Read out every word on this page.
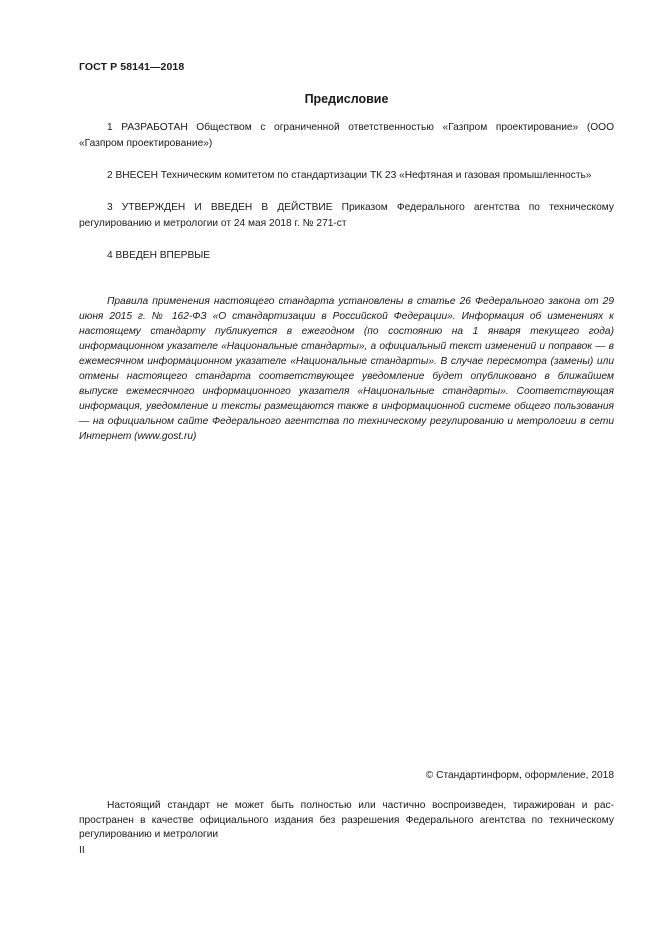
ГОСТ Р 58141—2018
Предисловие

1 РАЗРАБОТАН Обществом с ограниченной ответственностью «Газпром проектирование» (ООО «Газпром проектирование»)

2 ВНЕСЕН Техническим комитетом по стандартизации ТК 23 «Нефтяная и газовая промышленность»

3 УТВЕРЖДЕН И ВВЕДЕН В ДЕЙСТВИЕ Приказом Федерального агентства по техническому регулированию и метрологии от 24 мая 2018 г. № 271-ст

4 ВВЕДЕН ВПЕРВЫЕ

Правила применения настоящего стандарта установлены в статье 26 Федерального закона от 29 июня 2015 г. № 162-ФЗ «О стандартизации в Российской Федерации». Информация об изменениях к настоящему стандарту публикуется в ежегодном (по состоянию на 1 января текущего года) информационном указателе «Национальные стандарты», а официальный текст изменений и поправок — в ежемесячном информационном указателе «Национальные стандарты». В случае пересмотра (замены) или отмены настоящего стандарта соответствующее уведомление будет опубликовано в ближайшем выпуске ежемесячного информационного указателя «Национальные стандарты». Соответствующая информация, уведомление и тексты размещаются также в информационной системе общего пользования — на официальном сайте Федерального агентства по техническому регулированию и метрологии в сети Интернет (www.gost.ru)

© Стандартинформ, оформление, 2018

Настоящий стандарт не может быть полностью или частично воспроизведен, тиражирован и распространен в качестве официального издания без разрешения Федерального агентства по техническому регулированию и метрологии

II
